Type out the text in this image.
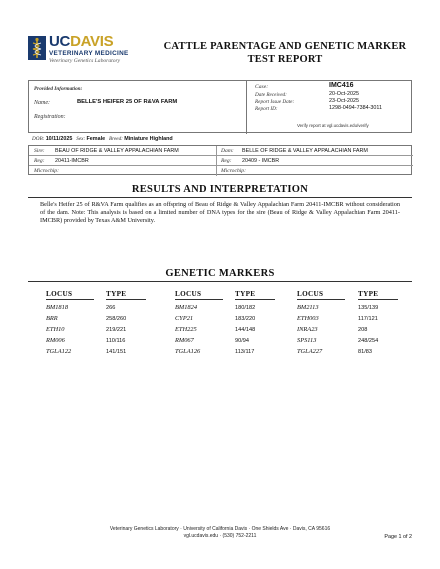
UCDAVIS
VETERINARY MEDICINE
Veterinary Genetics Laboratory
CATTLE PARENTAGE AND GENETIC MARKER
TEST REPORT
Provided Information:
Name:	BELLE'S HEIFER 25 OF R&VA FARM
Registration:
Case:	IMC416
Date Received:	20-Oct-2025
Report Issue Date:	23-Oct-2025
Report ID:	1298-0494-7384-3011
Verify report at vgl.ucdavis.edu/verify
DOB: 10/11/2025 Sex: Female Breed: Miniature Highland
Sire: BEAU OF RIDGE & VALLEY APPALACHIAN FARM	Dam: BELLE OF RIDGE & VALLEY APPALACHIAN FARM
Reg: 20411-IMCBR	Reg: 20409 - IMCBR
Microchip:	Microchip:
RESULTS AND INTERPRETATION
Belle's Heifer 25 of R&VA Farm qualifies as an offspring of Beau of Ridge & Valley Appalachian Farm 20411-IMCBR without consideration of the dam. Note: This analysis is based on a limited number of DNA types for the sire (Beau of Ridge & Valley Appalachian Farm 20411-IMCBR) provided by Texas A&M University.
GENETIC MARKERS
LOCUS	TYPE
BM1818	266
BRR	258/260
ETH10	219/221
RM006	110/116
TGLA122	141/151
LOCUS	TYPE
BM1824	180/182
CYP21	183/220
ETH225	144/148
RM067	90/94
TGLA126	113/117
LOCUS	TYPE
BM2113	135/139
ETH003	117/121
INRA23	208
SPS113	248/254
TGLA227	81/83
Veterinary Genetics Laboratory · University of California Davis · One Shields Ave · Davis, CA 95616
vgl.ucdavis.edu · (530) 752-2211	Page 1 of 2
